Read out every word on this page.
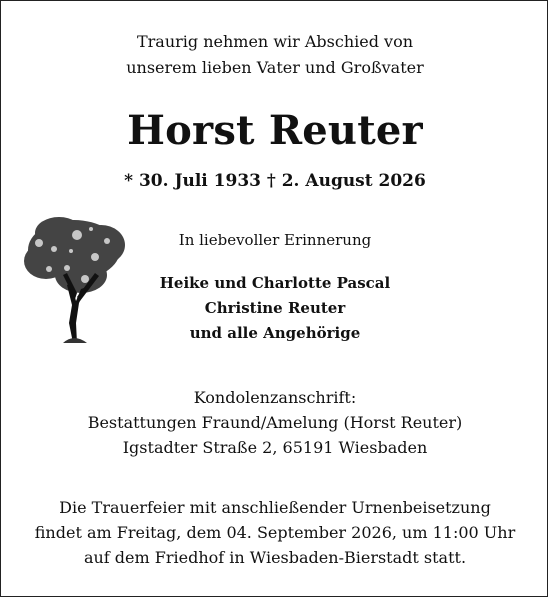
Traurig nehmen wir Abschied von
unserem lieben Vater und Großvater
Horst Reuter
* 30. Juli 1933 † 2. August 2026
In liebevoller Erinnerung
Heike und Charlotte Pascal
Christine Reuter
und alle Angehörige
Kondolenzanschrift:
Bestattungen Fraund/Amelung (Horst Reuter)
Igstadter Straße 2, 65191 Wiesbaden
Die Trauerfeier mit anschließender Urnenbeisetzung
findet am Freitag, dem 04. September 2026, um 11:00 Uhr
auf dem Friedhof in Wiesbaden-Bierstadt statt.
